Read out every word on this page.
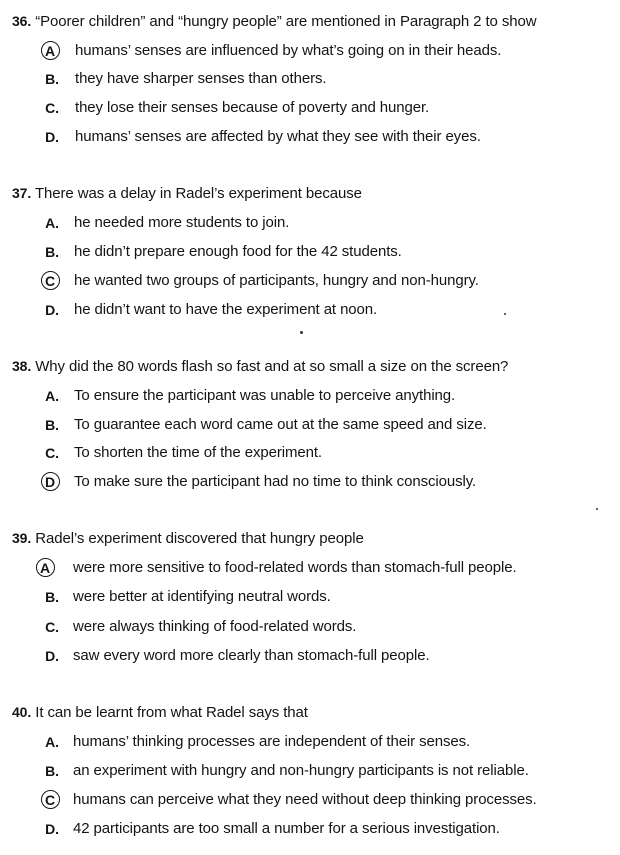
36. “Poorer children” and “hungry people” are mentioned in Paragraph 2 to show
A humans’ senses are influenced by what’s going on in their heads.
B. they have sharper senses than others.
C. they lose their senses because of poverty and hunger.
D. humans’ senses are affected by what they see with their eyes.
37. There was a delay in Radel’s experiment because
A. he needed more students to join.
B. he didn’t prepare enough food for the 42 students.
C he wanted two groups of participants, hungry and non-hungry.
D. he didn’t want to have the experiment at noon.
38. Why did the 80 words flash so fast and at so small a size on the screen?
A. To ensure the participant was unable to perceive anything.
B. To guarantee each word came out at the same speed and size.
C. To shorten the time of the experiment.
D To make sure the participant had no time to think consciously.
39. Radel’s experiment discovered that hungry people
A were more sensitive to food-related words than stomach-full people.
B. were better at identifying neutral words.
C. were always thinking of food-related words.
D. saw every word more clearly than stomach-full people.
40. It can be learnt from what Radel says that
A. humans’ thinking processes are independent of their senses.
B. an experiment with hungry and non-hungry participants is not reliable.
C humans can perceive what they need without deep thinking processes.
D. 42 participants are too small a number for a serious investigation.
